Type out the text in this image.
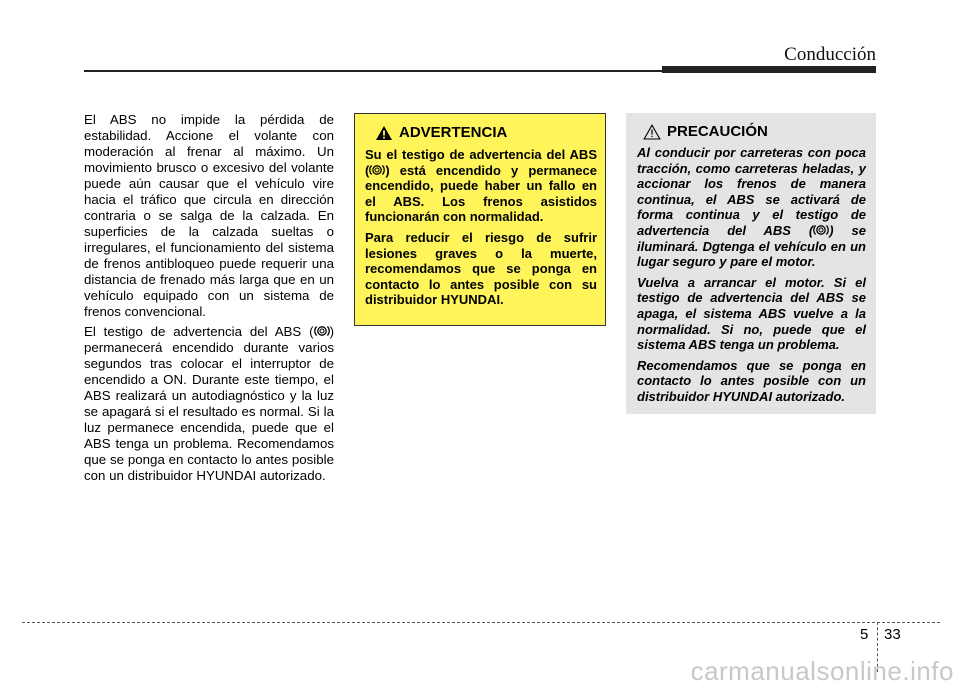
Conducción

El ABS no impide la pérdida de estabilidad. Accione el volante con moderación al frenar al máximo. Un movimiento brusco o excesivo del volante puede aún causar que el vehículo vire hacia el tráfico que circula en dirección contraria o se salga de la calzada. En superficies de la calzada sueltas o irregulares, el funcionamiento del sistema de frenos antibloqueo puede requerir una distancia de frenado más larga que en un vehículo equipado con un sistema de frenos convencional.

El testigo de advertencia del ABS ( ) permanecerá encendido durante varios segundos tras colocar el interruptor de encendido a ON. Durante este tiempo, el ABS realizará un autodiagnóstico y la luz se apagará si el resultado es normal. Si la luz permanece encendida, puede que el ABS tenga un problema. Recomendamos que se ponga en contacto lo antes posible con un distribuidor HYUNDAI autorizado.

ADVERTENCIA

Su el testigo de advertencia del ABS ( ) está encendido y permanece encendido, puede haber un fallo en el ABS. Los frenos asistidos funcionarán con normalidad.

Para reducir el riesgo de sufrir lesiones graves o la muerte, recomendamos que se ponga en contacto lo antes posible con su distribuidor HYUNDAI.

PRECAUCIÓN

Al conducir por carreteras con poca tracción, como carreteras heladas, y accionar los frenos de manera continua, el ABS se activará de forma continua y el testigo de advertencia del ABS ( ) se iluminará. Dgtenga el vehículo en un lugar seguro y pare el motor.

Vuelva a arrancar el motor. Si el testigo de advertencia del ABS se apaga, el sistema ABS vuelve a la normalidad. Si no, puede que el sistema ABS tenga un problema.

Recomendamos que se ponga en contacto lo antes posible con un distribuidor HYUNDAI autorizado.

5 33
carmanualsonline.info
